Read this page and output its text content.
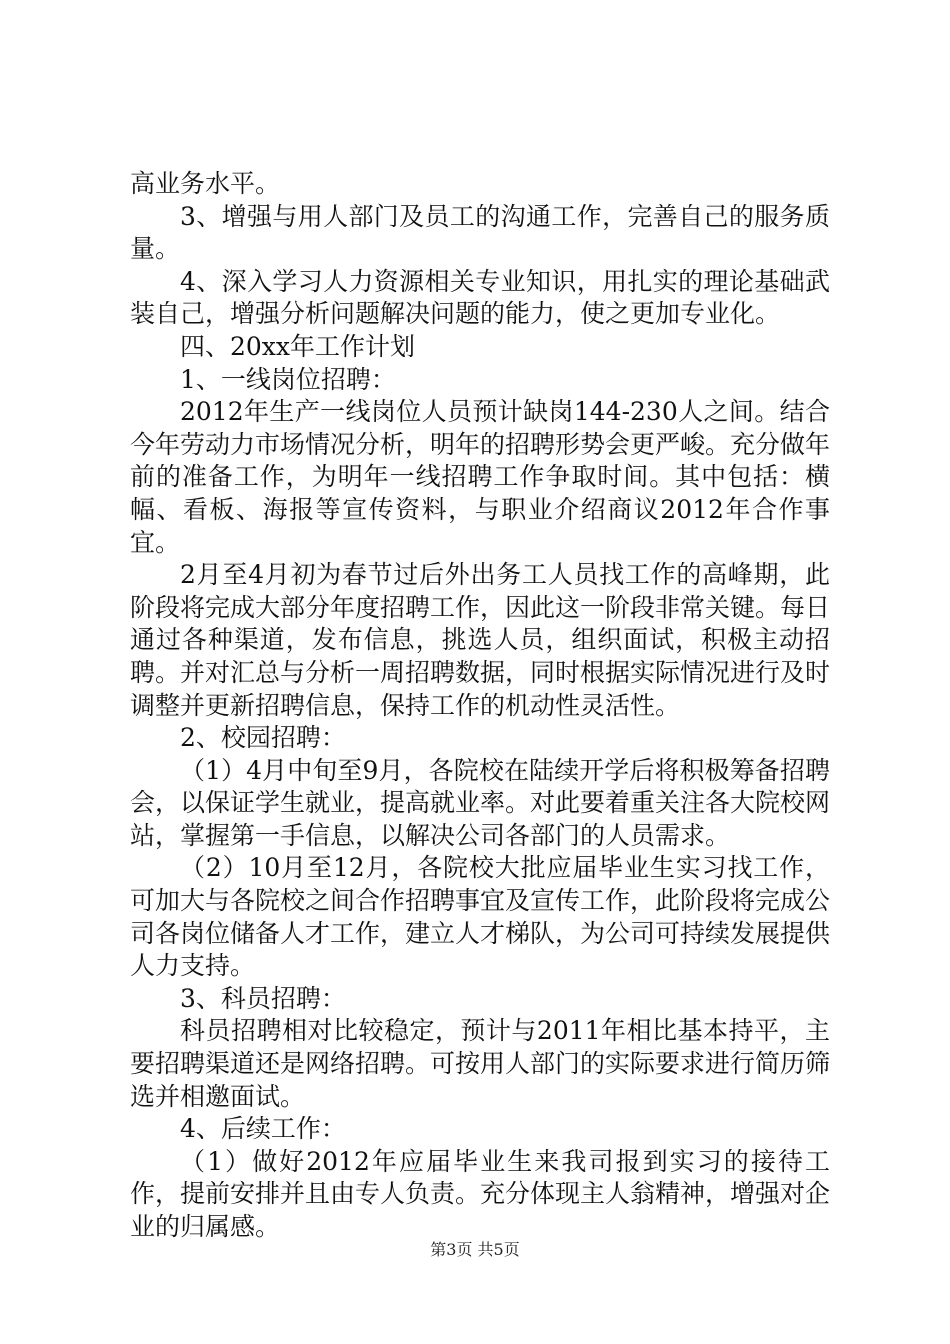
高业务水平。

3、增强与用人部门及员工的沟通工作，完善自己的服务质量。

4、深入学习人力资源相关专业知识，用扎实的理论基础武装自己，增强分析问题解决问题的能力，使之更加专业化。

四、20xx年工作计划

1、一线岗位招聘：

2012年生产一线岗位人员预计缺岗144-230人之间。结合今年劳动力市场情况分析，明年的招聘形势会更严峻。充分做年前的准备工作，为明年一线招聘工作争取时间。其中包括：横幅、看板、海报等宣传资料，与职业介绍商议2012年合作事宜。

2月至4月初为春节过后外出务工人员找工作的高峰期，此阶段将完成大部分年度招聘工作，因此这一阶段非常关键。每日通过各种渠道，发布信息，挑选人员，组织面试，积极主动招聘。并对汇总与分析一周招聘数据，同时根据实际情况进行及时调整并更新招聘信息，保持工作的机动性灵活性。

2、校园招聘：

（1）4月中旬至9月，各院校在陆续开学后将积极筹备招聘会，以保证学生就业，提高就业率。对此要着重关注各大院校网站，掌握第一手信息，以解决公司各部门的人员需求。

（2）10月至12月，各院校大批应届毕业生实习找工作，可加大与各院校之间合作招聘事宜及宣传工作，此阶段将完成公司各岗位储备人才工作，建立人才梯队，为公司可持续发展提供人力支持。

3、科员招聘：

科员招聘相对比较稳定，预计与2011年相比基本持平，主要招聘渠道还是网络招聘。可按用人部门的实际要求进行简历筛选并相邀面试。

4、后续工作：

（1）做好2012年应届毕业生来我司报到实习的接待工作，提前安排并且由专人负责。充分体现主人翁精神，增强对企业的归属感。

第3页 共5页
